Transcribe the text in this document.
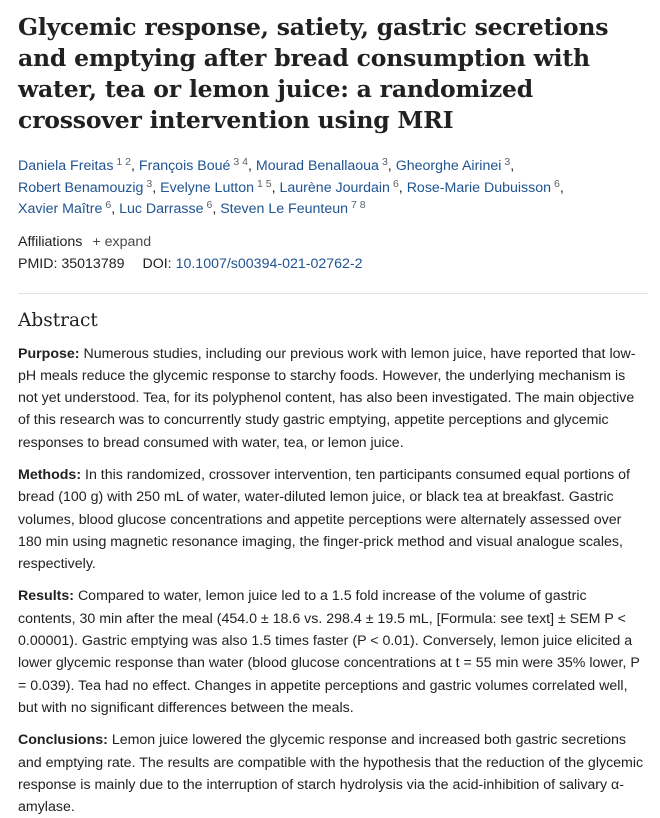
Glycemic response, satiety, gastric secretions and emptying after bread consumption with water, tea or lemon juice: a randomized crossover intervention using MRI
Daniela Freitas $^{1 2}$, François Boué $^{3 4}$, Mourad Benallaoua $^3$, Gheorghe Airinei $^3$,
Robert Benamouzig $^3$, Evelyne Lutton $^{1 5}$, Laurène Jourdain $^6$, Rose-Marie Dubuisson $^6$,
Xavier Maître $^6$, Luc Darrasse $^6$, Steven Le Feunteun $^{7 8}$
Affiliations + expand
PMID: 35013789 DOI: 10.1007/s00394-021-02762-2
Abstract

Purpose: Numerous studies, including our previous work with lemon juice, have reported that low-pH meals reduce the glycemic response to starchy foods. However, the underlying mechanism is not yet understood. Tea, for its polyphenol content, has also been investigated. The main objective of this research was to concurrently study gastric emptying, appetite perceptions and glycemic responses to bread consumed with water, tea, or lemon juice.

Methods: In this randomized, crossover intervention, ten participants consumed equal portions of bread (100 g) with 250 mL of water, water-diluted lemon juice, or black tea at breakfast. Gastric volumes, blood glucose concentrations and appetite perceptions were alternately assessed over 180 min using magnetic resonance imaging, the finger-prick method and visual analogue scales, respectively.

Results: Compared to water, lemon juice led to a 1.5 fold increase of the volume of gastric contents, 30 min after the meal (454.0 ± 18.6 vs. 298.4 ± 19.5 mL, [Formula: see text] ± SEM P < 0.00001). Gastric emptying was also 1.5 times faster (P < 0.01). Conversely, lemon juice elicited a lower glycemic response than water (blood glucose concentrations at t = 55 min were 35% lower, P = 0.039). Tea had no effect. Changes in appetite perceptions and gastric volumes correlated well, but with no significant differences between the meals.

Conclusions: Lemon juice lowered the glycemic response and increased both gastric secretions and emptying rate. The results are compatible with the hypothesis that the reduction of the glycemic response is mainly due to the interruption of starch hydrolysis via the acid-inhibition of salivary α-amylase.
